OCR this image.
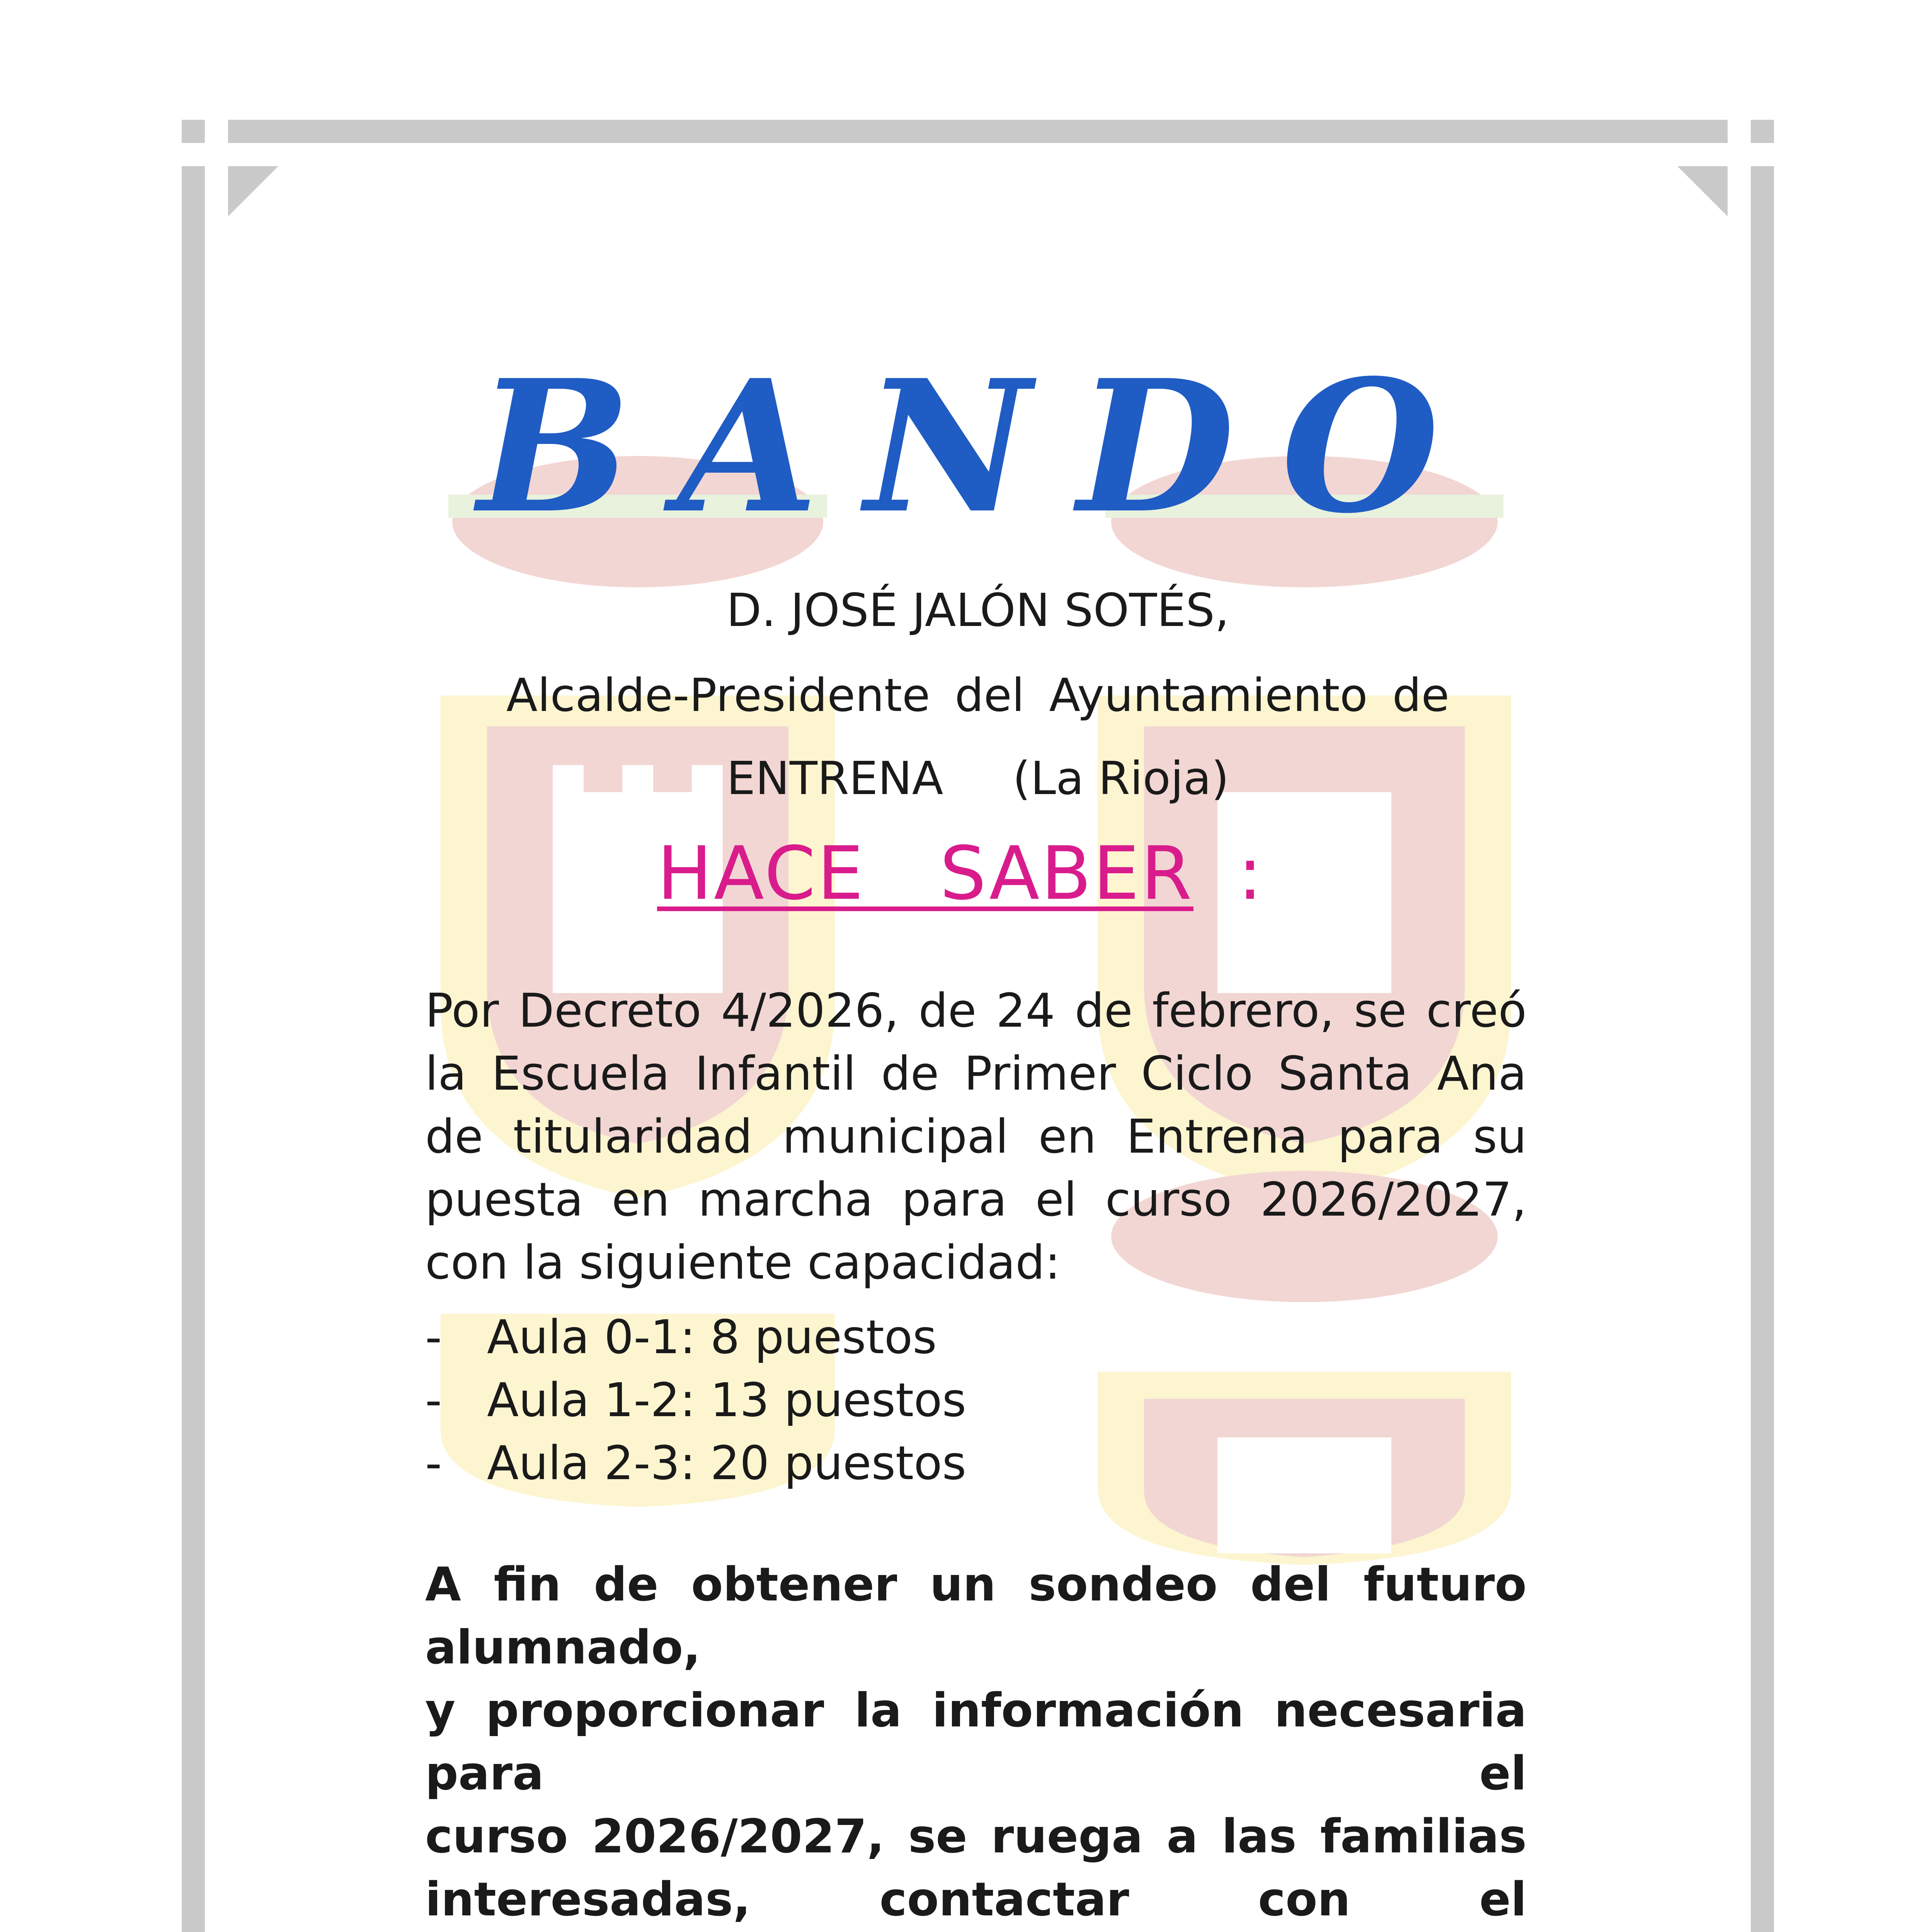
BANDO
D. JOSÉ JALÓN SOTÉS,
Alcalde-Presidente del Ayuntamiento de
ENTRENA (La Rioja)
HACE   SABER :
Por Decreto 4/2026, de 24 de febrero, se creó la Escuela Infantil de Primer Ciclo Santa Ana de titularidad municipal en Entrena para su puesta en marcha para el curso 2026/2027, con la siguiente capacidad:
- Aula 0-1: 8 puestos
- Aula 1-2: 13 puestos
- Aula 2-3: 20 puestos
A fin de obtener un sondeo del futuro alumnado,
y proporcionar la información necesaria para el
curso 2026/2027, se ruega a las familias
interesadas, contactar con el
